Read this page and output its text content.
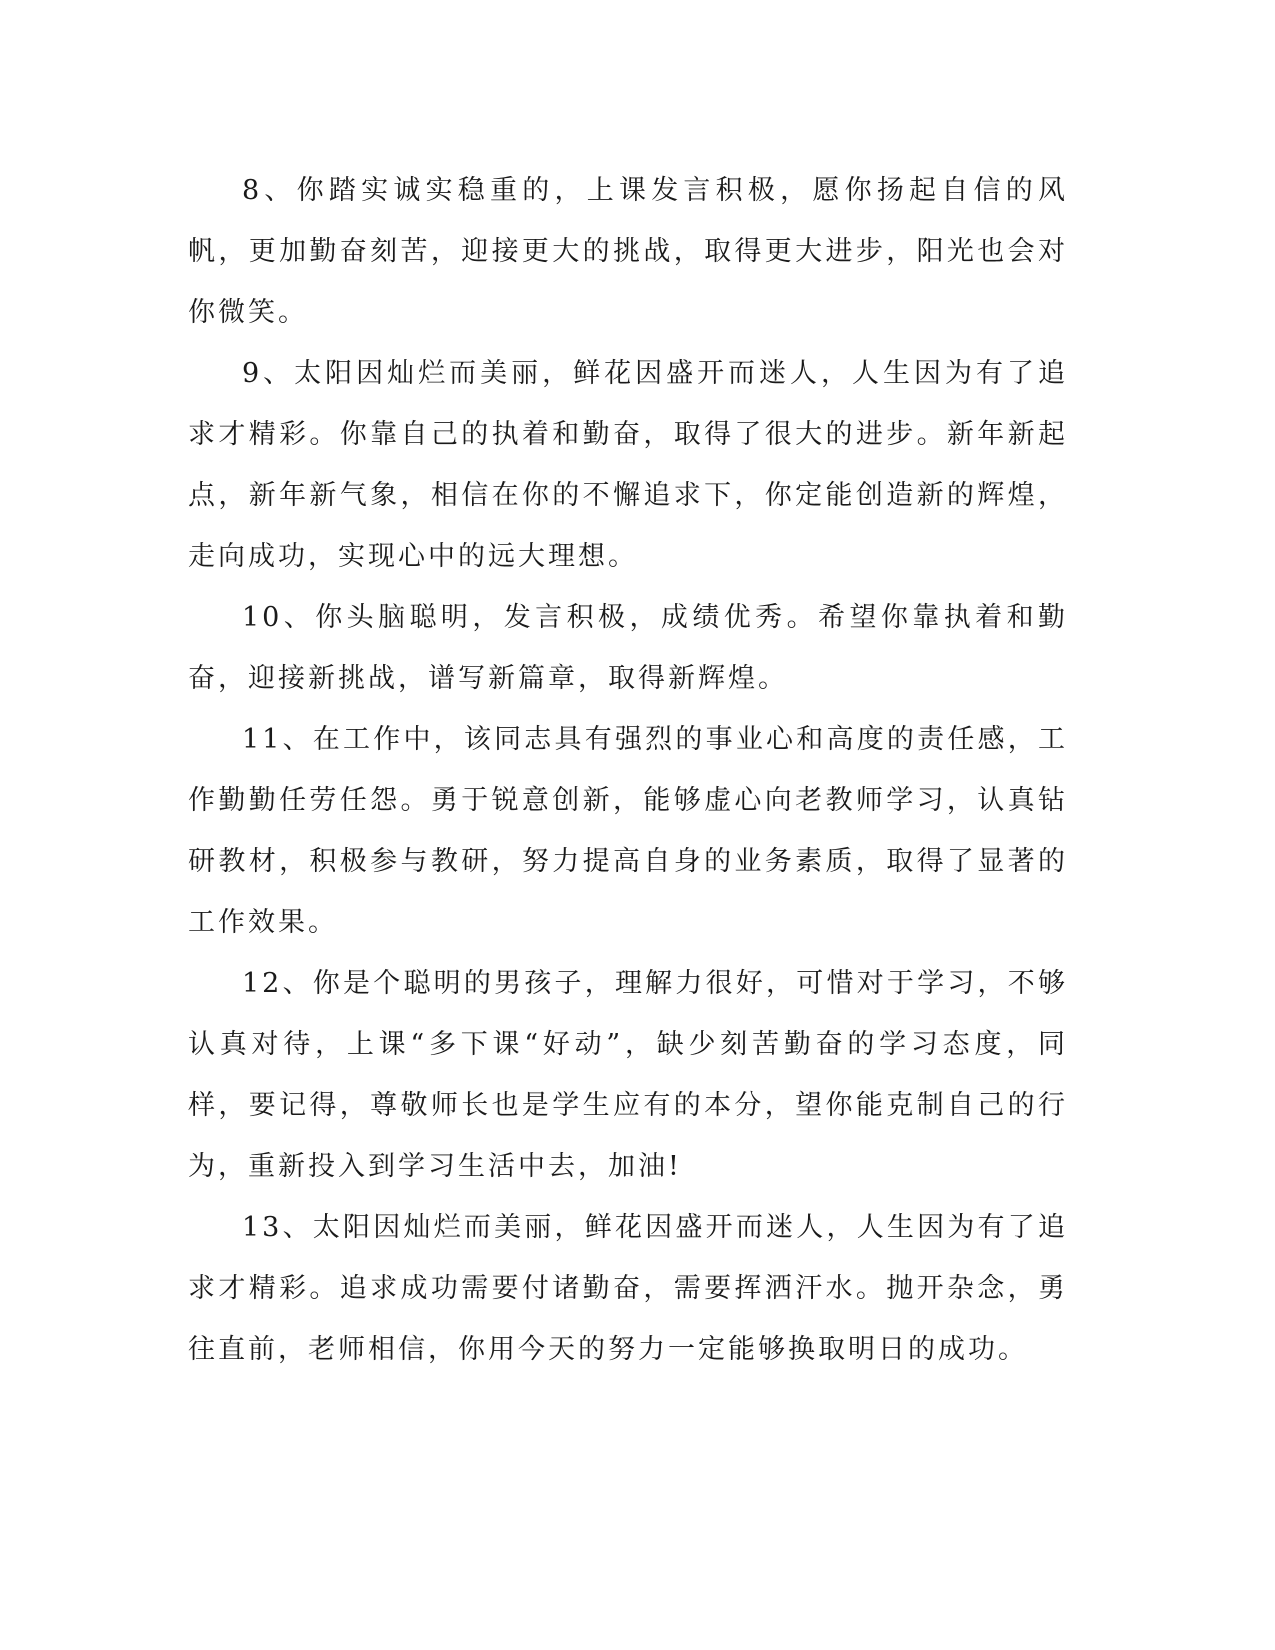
8、你踏实诚实稳重的，上课发言积极，愿你扬起自信的风帆，更加勤奋刻苦，迎接更大的挑战，取得更大进步，阳光也会对你微笑。

9、太阳因灿烂而美丽，鲜花因盛开而迷人，人生因为有了追求才精彩。你靠自己的执着和勤奋，取得了很大的进步。新年新起点，新年新气象，相信在你的不懈追求下，你定能创造新的辉煌，走向成功，实现心中的远大理想。

10、你头脑聪明，发言积极，成绩优秀。希望你靠执着和勤奋，迎接新挑战，谱写新篇章，取得新辉煌。

11、在工作中，该同志具有强烈的事业心和高度的责任感，工作勤勤任劳任怨。勇于锐意创新，能够虚心向老教师学习，认真钻研教材，积极参与教研，努力提高自身的业务素质，取得了显著的工作效果。

12、你是个聪明的男孩子，理解力很好，可惜对于学习，不够认真对待，上课“多下课“好动”，缺少刻苦勤奋的学习态度，同样，要记得，尊敬师长也是学生应有的本分，望你能克制自己的行为，重新投入到学习生活中去，加油!

13、太阳因灿烂而美丽，鲜花因盛开而迷人，人生因为有了追求才精彩。追求成功需要付诸勤奋，需要挥洒汗水。抛开杂念，勇往直前，老师相信，你用今天的努力一定能够换取明日的成功。
